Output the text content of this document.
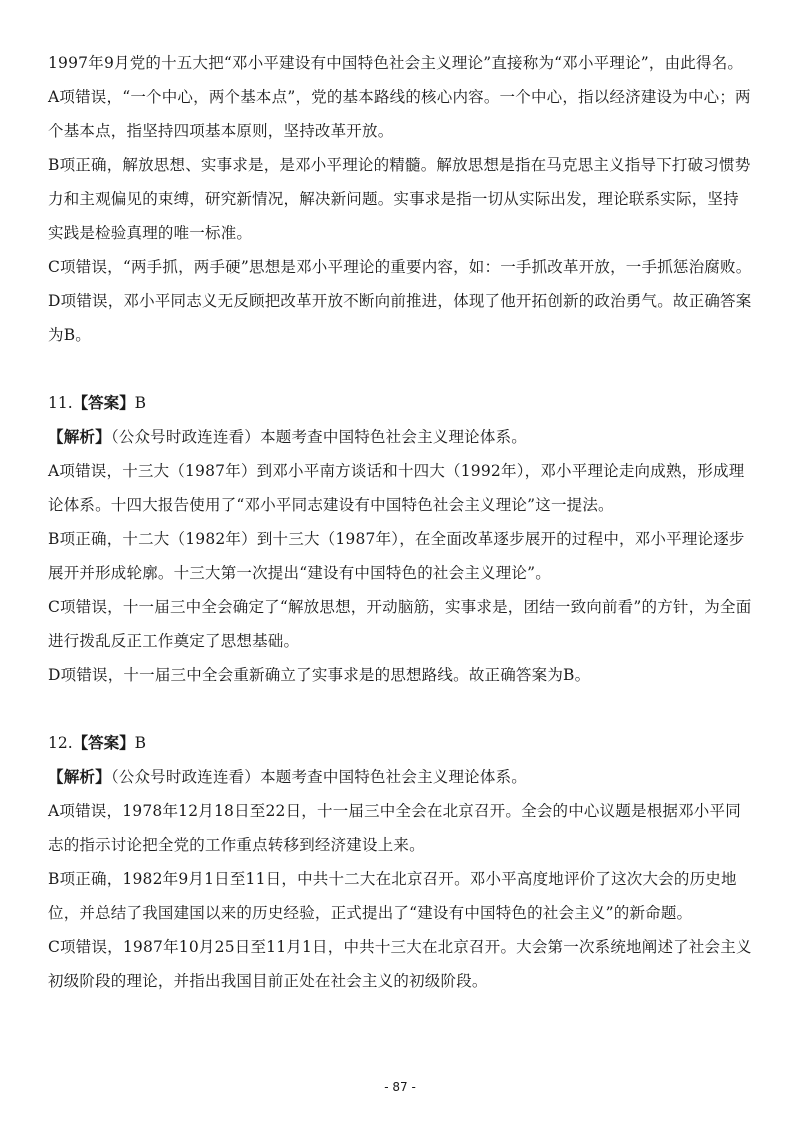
1997年9月党的十五大把“邓小平建设有中国特色社会主义理论”直接称为“邓小平理论”，由此得名。

A项错误，“一个中心，两个基本点”，党的基本路线的核心内容。一个中心，指以经济建设为中心；两个基本点，指坚持四项基本原则，坚持改革开放。

B项正确，解放思想、实事求是，是邓小平理论的精髓。解放思想是指在马克思主义指导下打破习惯势力和主观偏见的束缚，研究新情况，解决新问题。实事求是指一切从实际出发，理论联系实际，坚持实践是检验真理的唯一标准。

C项错误，“两手抓，两手硬”思想是邓小平理论的重要内容，如：一手抓改革开放，一手抓惩治腐败。

D项错误，邓小平同志义无反顾把改革开放不断向前推进，体现了他开拓创新的政治勇气。故正确答案为B。

11.【答案】B

【解析】（公众号时政连连看）本题考查中国特色社会主义理论体系。

A项错误，十三大（1987年）到邓小平南方谈话和十四大（1992年），邓小平理论走向成熟，形成理论体系。十四大报告使用了“邓小平同志建设有中国特色社会主义理论”这一提法。

B项正确，十二大（1982年）到十三大（1987年），在全面改革逐步展开的过程中，邓小平理论逐步展开并形成轮廓。十三大第一次提出“建设有中国特色的社会主义理论”。

C项错误，十一届三中全会确定了“解放思想，开动脑筋，实事求是，团结一致向前看”的方针，为全面进行拨乱反正工作奠定了思想基础。

D项错误，十一届三中全会重新确立了实事求是的思想路线。故正确答案为B。

12.【答案】B

【解析】（公众号时政连连看）本题考查中国特色社会主义理论体系。

A项错误，1978年12月18日至22日，十一届三中全会在北京召开。全会的中心议题是根据邓小平同志的指示讨论把全党的工作重点转移到经济建设上来。

B项正确，1982年9月1日至11日，中共十二大在北京召开。邓小平高度地评价了这次大会的历史地位，并总结了我国建国以来的历史经验，正式提出了“建设有中国特色的社会主义”的新命题。

C项错误，1987年10月25日至11月1日，中共十三大在北京召开。大会第一次系统地阐述了社会主义初级阶段的理论，并指出我国目前正处在社会主义的初级阶段。

- 87 -
